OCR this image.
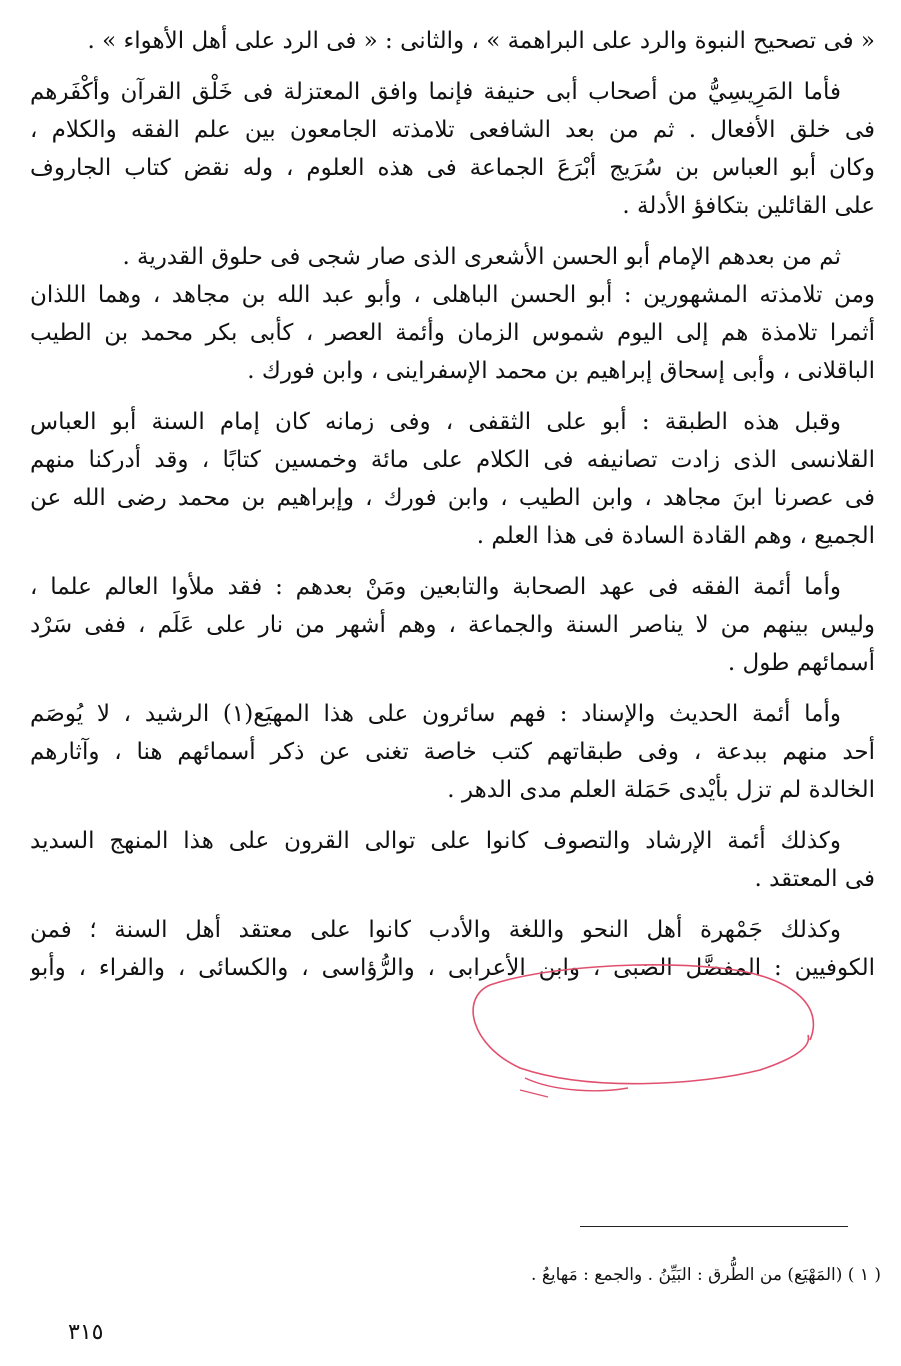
« فى تصحيح النبوة والرد على البراهمة » ، والثانى : « فى الرد على أهل الأهواء » .
فأما المَرِيسِيُّ من أصحاب أبى حنيفة فإنما وافق المعتزلة فى خَلْق القرآن وأكْفَرهم
فى خلق الأفعال . ثم من بعد الشافعى تلامذته الجامعون بين علم الفقه والكلام ،
وكان أبو العباس بن سُرَيج أبْرَعَ الجماعة فى هذه العلوم ، وله نقض كتاب الجاروف
على القائلين بتكافؤ الأدلة .
ثم من بعدهم الإمام أبو الحسن الأشعرى الذى صار شجى فى حلوق القدرية .
ومن تلامذته المشهورين : أبو الحسن الباهلى ، وأبو عبد الله بن مجاهد ، وهما اللذان
أثمرا تلامذة هم إلى اليوم شموس الزمان وأئمة العصر ، كأبى بكر محمد بن الطيب
الباقلانى ، وأبى إسحاق إبراهيم بن محمد الإسفراينى ، وابن فورك .
وقبل هذه الطبقة : أبو على الثقفى ، وفى زمانه كان إمام السنة أبو العباس
القلانسى الذى زادت تصانيفه فى الكلام على مائة وخمسين كتابًا ، وقد أدركنا منهم
فى عصرنا ابنَ مجاهد ، وابن الطيب ، وابن فورك ، وإبراهيم بن محمد رضى الله عن
الجميع ، وهم القادة السادة فى هذا العلم .
وأما أئمة الفقه فى عهد الصحابة والتابعين ومَنْ بعدهم : فقد ملأوا العالم علما ،
وليس بينهم من لا يناصر السنة والجماعة ، وهم أشهر من نار على عَلَم ، ففى سَرْد
أسمائهم طول .
وأما أئمة الحديث والإسناد : فهم سائرون على هذا المهيَع(١) الرشيد ، لا يُوصَم
أحد منهم ببدعة ، وفى طبقاتهم كتب خاصة تغنى عن ذكر أسمائهم هنا ، وآثارهم
الخالدة لم تزل بأيْدى حَمَلة العلم مدى الدهر .
وكذلك أئمة الإرشاد والتصوف كانوا على توالى القرون على هذا المنهج السديد
فى المعتقد .
وكذلك جَمْهرة أهل النحو واللغة والأدب كانوا على معتقد أهل السنة ؛ فمن
الكوفيين : المفضَّل الضبى ، وابن الأعرابى ، والرُّؤاسى ، والكسائى ، والفراء ، وأبو
( ١ ) (المَهْيَع) من الطُّرق : البَيِّنُ . والجمع : مَهايعُ .
٣١٥
